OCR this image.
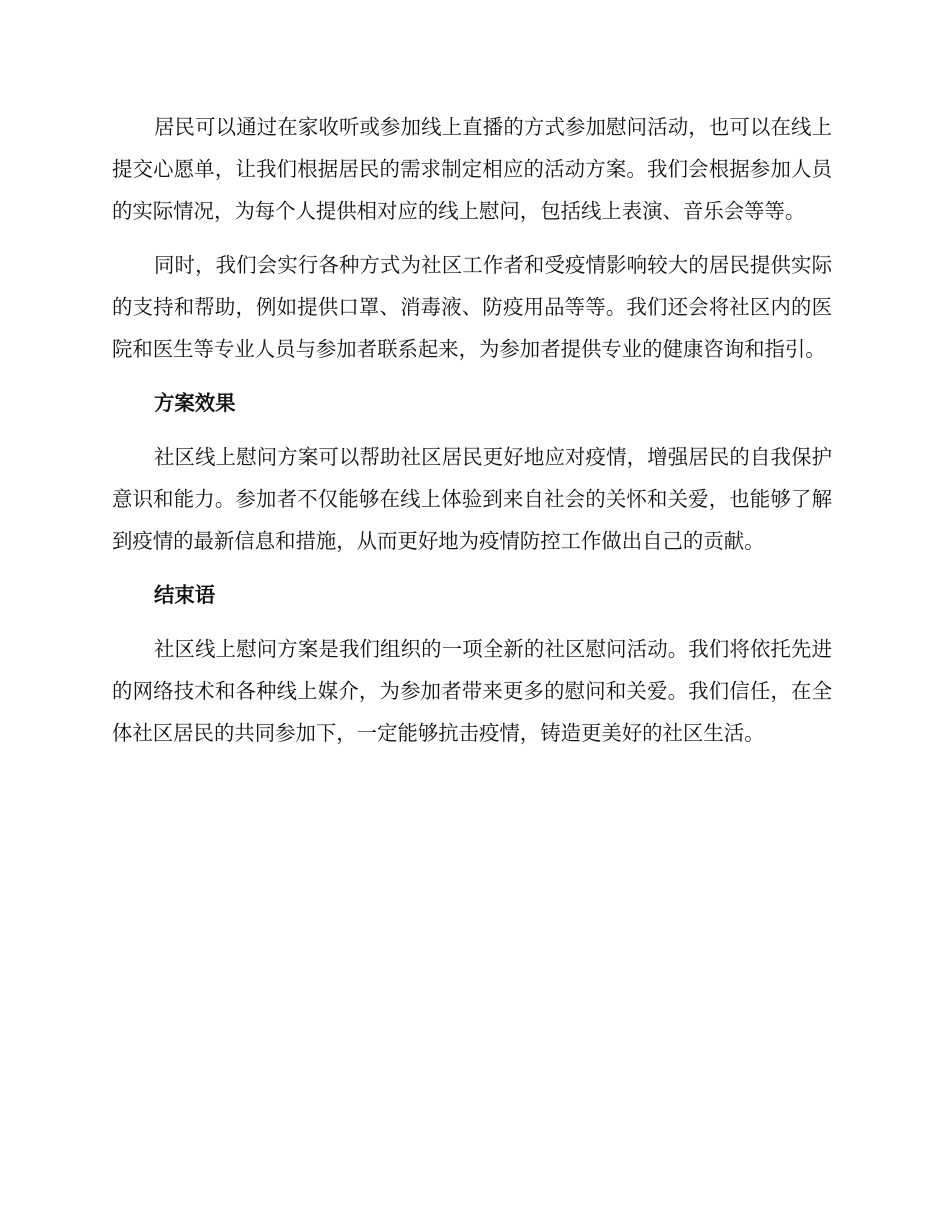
居民可以通过在家收听或参加线上直播的方式参加慰问活动，也可以在线上提交心愿单，让我们根据居民的需求制定相应的活动方案。我们会根据参加人员的实际情况，为每个人提供相对应的线上慰问，包括线上表演、音乐会等等。

同时，我们会实行各种方式为社区工作者和受疫情影响较大的居民提供实际的支持和帮助，例如提供口罩、消毒液、防疫用品等等。我们还会将社区内的医院和医生等专业人员与参加者联系起来，为参加者提供专业的健康咨询和指引。

方案效果

社区线上慰问方案可以帮助社区居民更好地应对疫情，增强居民的自我保护意识和能力。参加者不仅能够在线上体验到来自社会的关怀和关爱，也能够了解到疫情的最新信息和措施，从而更好地为疫情防控工作做出自己的贡献。

结束语

社区线上慰问方案是我们组织的一项全新的社区慰问活动。我们将依托先进的网络技术和各种线上媒介，为参加者带来更多的慰问和关爱。我们信任，在全体社区居民的共同参加下，一定能够抗击疫情，铸造更美好的社区生活。
